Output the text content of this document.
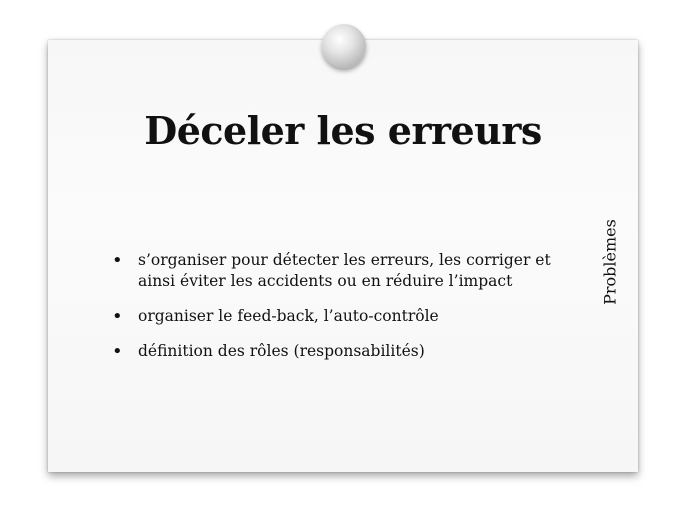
Déceler les erreurs
• s’organiser pour détecter les erreurs, les corriger et ainsi éviter les accidents ou en réduire l’impact
• organiser le feed-back, l’auto-contrôle
• définition des rôles (responsabilités)
Problèmes
